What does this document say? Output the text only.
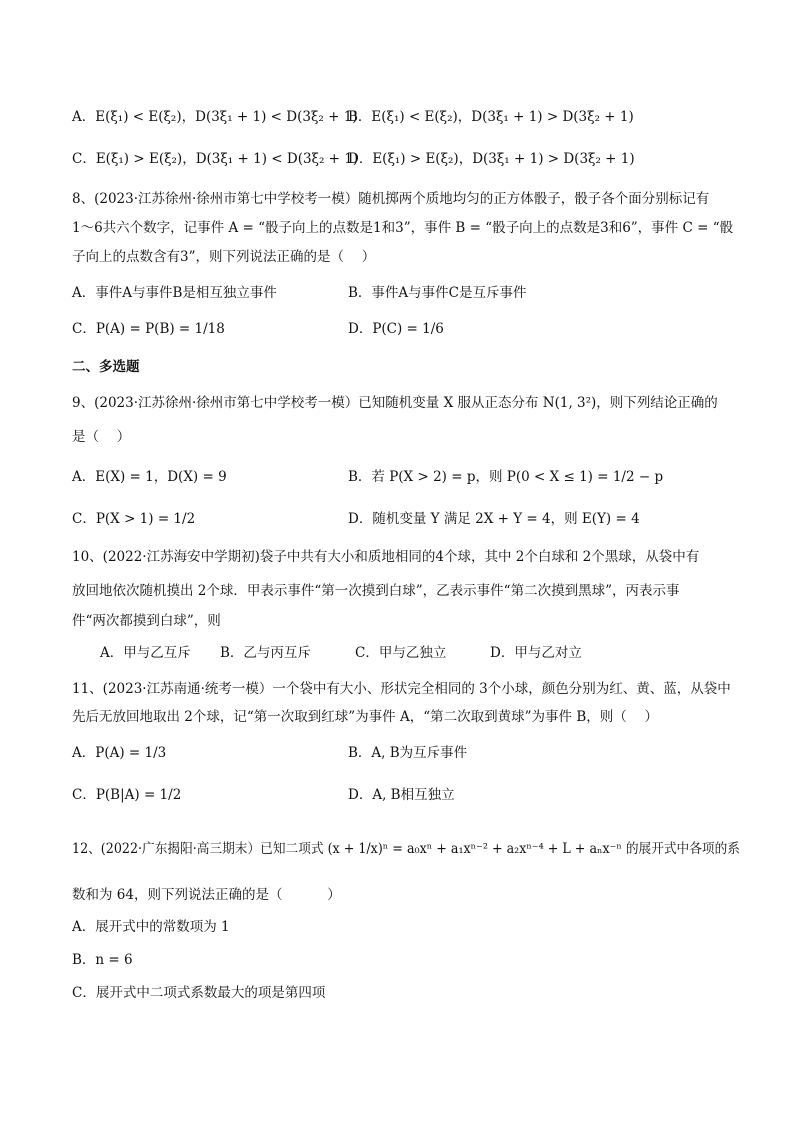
A．E(ξ₁) < E(ξ₂)，D(3ξ₁ + 1) < D(3ξ₂ + 1)
B．E(ξ₁) < E(ξ₂)，D(3ξ₁ + 1) > D(3ξ₂ + 1)
C．E(ξ₁) > E(ξ₂)，D(3ξ₁ + 1) < D(3ξ₂ + 1)
D．E(ξ₁) > E(ξ₂)，D(3ξ₁ + 1) > D(3ξ₂ + 1)
8、(2023·江苏徐州·徐州市第七中学校考一模）随机掷两个质地均匀的正方体骰子，骰子各个面分别标记有
1～6共六个数字，记事件 A = “骰子向上的点数是1和3”，事件 B = “骰子向上的点数是3和6”，事件 C = “骰
子向上的点数含有3”，则下列说法正确的是（　 ）
A．事件A与事件B是相互独立事件	B．事件A与事件C是互斥事件
C．P(A) = P(B) = 1/18	D．P(C) = 1/6
二、多选题
9、(2023·江苏徐州·徐州市第七中学校考一模）已知随机变量 X 服从正态分布 N(1, 3²)，则下列结论正确的
是（　 ）
A．E(X) = 1，D(X) = 9	B．若 P(X > 2) = p，则 P(0 < X ≤ 1) = 1/2 − p
C．P(X > 1) = 1/2	D．随机变量 Y 满足 2X + Y = 4，则 E(Y) = 4
10、(2022·江苏海安中学期初)袋子中共有大小和质地相同的4个球，其中 2个白球和 2个黑球，从袋中有
放回地依次随机摸出 2个球．甲表示事件“第一次摸到白球”，乙表示事件“第二次摸到黑球”，丙表示事
件“两次都摸到白球”，则
A．甲与乙互斥 B．乙与丙互斥	C．甲与乙独立	D．甲与乙对立
11、(2023·江苏南通·统考一模）一个袋中有大小、形状完全相同的 3个小球，颜色分别为红、黄、蓝，从袋中
先后无放回地取出 2个球，记“第一次取到红球”为事件 A，“第二次取到黄球”为事件 B，则（　 ）
A．P(A) = 1/3	B．A, B为互斥事件
C．P(B|A) = 1/2	D．A, B相互独立
12、(2022·广东揭阳·高三期末）已知二项式 (x + 1/x)ⁿ = a₀xⁿ + a₁xⁿ⁻² + a₂xⁿ⁻⁴ + L + aₙx⁻ⁿ 的展开式中各项的系
数和为 64，则下列说法正确的是（　　　 ）
A．展开式中的常数项为 1
B．n = 6
C．展开式中二项式系数最大的项是第四项
